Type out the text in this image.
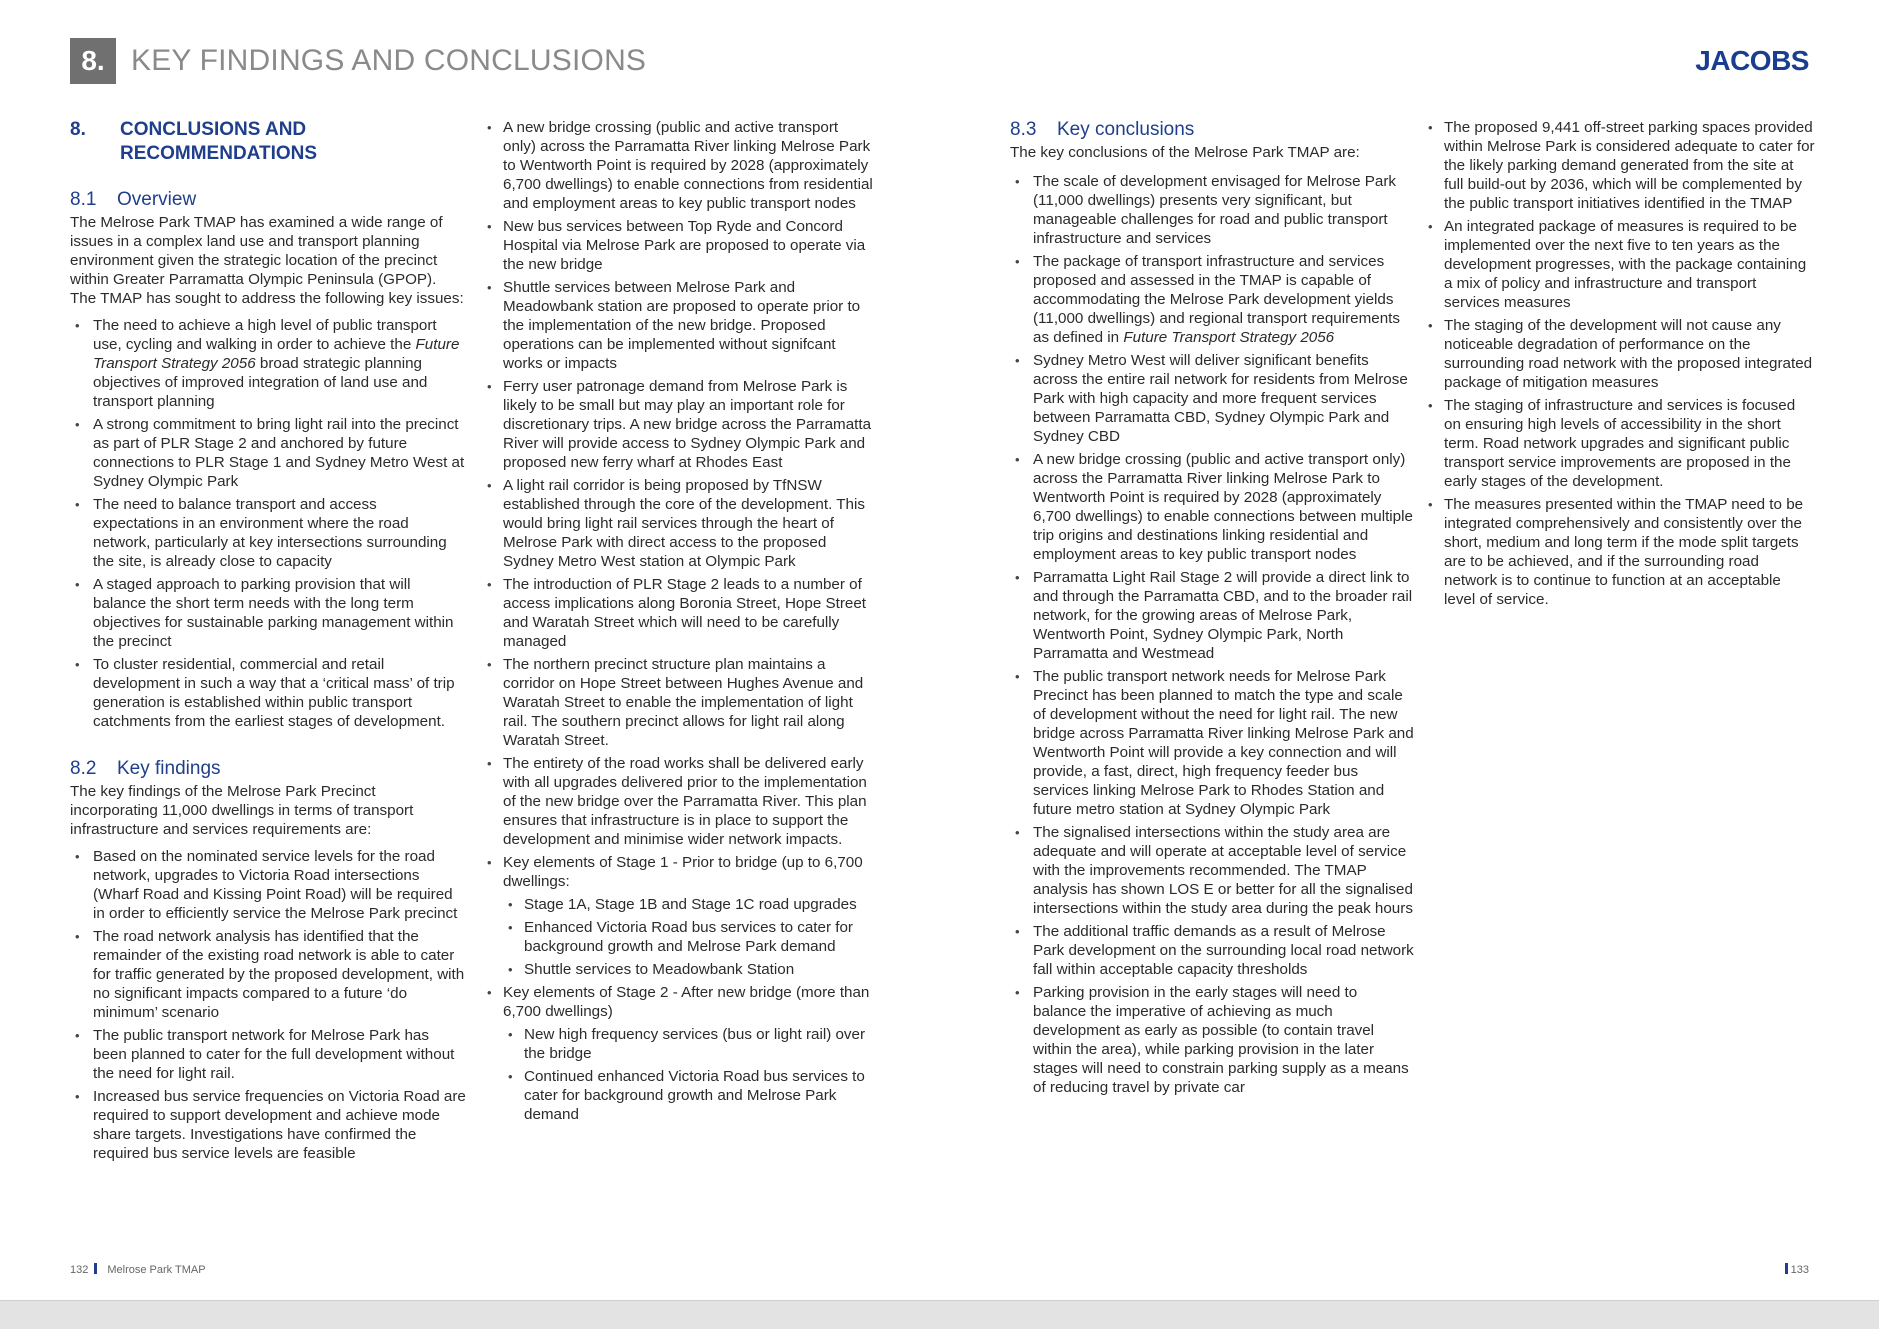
8. KEY FINDINGS AND CONCLUSIONS	JACOBS
8.	CONCLUSIONS AND RECOMMENDATIONS
8.1 Overview

The Melrose Park TMAP has examined a wide range of issues in a complex land use and transport planning environment given the strategic location of the precinct within Greater Parramatta Olympic Peninsula (GPOP). The TMAP has sought to address the following key issues:

• The need to achieve a high level of public transport use, cycling and walking in order to achieve the Future Transport Strategy 2056 broad strategic planning objectives of improved integration of land use and transport planning
• A strong commitment to bring light rail into the precinct as part of PLR Stage 2 and anchored by future connections to PLR Stage 1 and Sydney Metro West at Sydney Olympic Park
• The need to balance transport and access expectations in an environment where the road network, particularly at key intersections surrounding the site, is already close to capacity
• A staged approach to parking provision that will balance the short term needs with the long term objectives for sustainable parking management within the precinct
• To cluster residential, commercial and retail development in such a way that a ‘critical mass’ of trip generation is established within public transport catchments from the earliest stages of development.
8.2 Key findings

The key findings of the Melrose Park Precinct incorporating 11,000 dwellings in terms of transport infrastructure and services requirements are:

• Based on the nominated service levels for the road network, upgrades to Victoria Road intersections (Wharf Road and Kissing Point Road) will be required in order to efficiently service the Melrose Park precinct
• The road network analysis has identified that the remainder of the existing road network is able to cater for traffic generated by the proposed development, with no significant impacts compared to a future ‘do minimum’ scenario
• The public transport network for Melrose Park has been planned to cater for the full development without the need for light rail.
• Increased bus service frequencies on Victoria Road are required to support development and achieve mode share targets. Investigations have confirmed the required bus service levels are feasible
• A new bridge crossing (public and active transport only) across the Parramatta River linking Melrose Park to Wentworth Point is required by 2028 (approximately 6,700 dwellings) to enable connections from residential and employment areas to key public transport nodes
• New bus services between Top Ryde and Concord Hospital via Melrose Park are proposed to operate via the new bridge
• Shuttle services between Melrose Park and Meadowbank station are proposed to operate prior to the implementation of the new bridge. Proposed operations can be implemented without signifcant works or impacts
• Ferry user patronage demand from Melrose Park is likely to be small but may play an important role for discretionary trips. A new bridge across the Parramatta River will provide access to Sydney Olympic Park and proposed new ferry wharf at Rhodes East
• A light rail corridor is being proposed by TfNSW established through the core of the development. This would bring light rail services through the heart of Melrose Park with direct access to the proposed Sydney Metro West station at Olympic Park
• The introduction of PLR Stage 2 leads to a number of access implications along Boronia Street, Hope Street and Waratah Street which will need to be carefully managed
• The northern precinct structure plan maintains a corridor on Hope Street between Hughes Avenue and Waratah Street to enable the implementation of light rail. The southern precinct allows for light rail along Waratah Street.
• The entirety of the road works shall be delivered early with all upgrades delivered prior to the implementation of the new bridge over the Parramatta River. This plan ensures that infrastructure is in place to support the development and minimise wider network impacts.
• Key elements of Stage 1 - Prior to bridge (up to 6,700 dwellings:
• Stage 1A, Stage 1B and Stage 1C road upgrades
• Enhanced Victoria Road bus services to cater for background growth and Melrose Park demand
• Shuttle services to Meadowbank Station
• Key elements of Stage 2 - After new bridge (more than 6,700 dwellings)
• New high frequency services (bus or light rail) over the bridge
• Continued enhanced Victoria Road bus services to cater for background growth and Melrose Park demand
8.3 Key conclusions

The key conclusions of the Melrose Park TMAP are:

• The scale of development envisaged for Melrose Park (11,000 dwellings) presents very significant, but manageable challenges for road and public transport infrastructure and services
• The package of transport infrastructure and services proposed and assessed in the TMAP is capable of accommodating the Melrose Park development yields (11,000 dwellings) and regional transport requirements as defined in Future Transport Strategy 2056
• Sydney Metro West will deliver significant benefits across the entire rail network for residents from Melrose Park with high capacity and more frequent services between Parramatta CBD, Sydney Olympic Park and Sydney CBD
• A new bridge crossing (public and active transport only) across the Parramatta River linking Melrose Park to Wentworth Point is required by 2028 (approximately 6,700 dwellings) to enable connections between multiple trip origins and destinations linking residential and employment areas to key public transport nodes
• Parramatta Light Rail Stage 2 will provide a direct link to and through the Parramatta CBD, and to the broader rail network, for the growing areas of Melrose Park, Wentworth Point, Sydney Olympic Park, North Parramatta and Westmead
• The public transport network needs for Melrose Park Precinct has been planned to match the type and scale of development without the need for light rail. The new bridge across Parramatta River linking Melrose Park and Wentworth Point will provide a key connection and will provide, a fast, direct, high frequency feeder bus services linking Melrose Park to Rhodes Station and future metro station at Sydney Olympic Park
• The signalised intersections within the study area are adequate and will operate at acceptable level of service with the improvements recommended. The TMAP analysis has shown LOS E or better for all the signalised intersections within the study area during the peak hours
• The additional traffic demands as a result of Melrose Park development on the surrounding local road network fall within acceptable capacity thresholds
• Parking provision in the early stages will need to balance the imperative of achieving as much development as early as possible (to contain travel within the area), while parking provision in the later stages will need to constrain parking supply as a means of reducing travel by private car
• The proposed 9,441 off-street parking spaces provided within Melrose Park is considered adequate to cater for the likely parking demand generated from the site at full build-out by 2036, which will be complemented by the public transport initiatives identified in the TMAP
• An integrated package of measures is required to be implemented over the next five to ten years as the development progresses, with the package containing a mix of policy and infrastructure and transport services measures
• The staging of the development will not cause any noticeable degradation of performance on the surrounding road network with the proposed integrated package of mitigation measures
• The staging of infrastructure and services is focused on ensuring high levels of accessibility in the short term. Road network upgrades and significant public transport service improvements are proposed in the early stages of the development.
• The measures presented within the TMAP need to be integrated comprehensively and consistently over the short, medium and long term if the mode split targets are to be achieved, and if the surrounding road network is to continue to function at an acceptable level of service.
132 Melrose Park TMAP	133
